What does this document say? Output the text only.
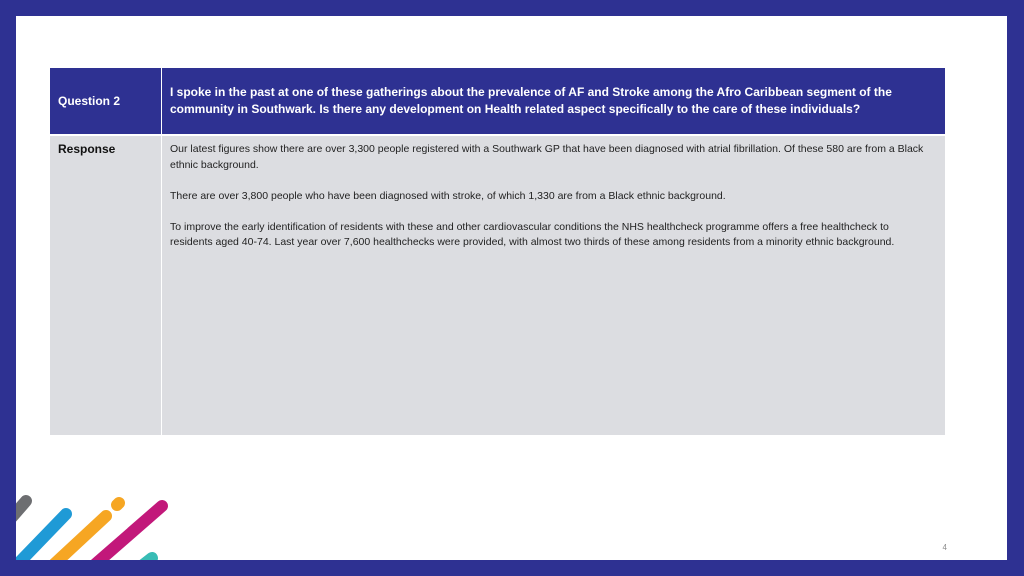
Question 2
I spoke in the past at one of these gatherings about the prevalence of AF and Stroke among the Afro Caribbean segment of the community in Southwark. Is there any development on Health related aspect specifically to the care of these individuals?
Response	Our latest figures show there are over 3,300 people registered with a Southwark GP that have been diagnosed with atrial fibrillation. Of these 580 are from a Black ethnic background.

There are over 3,800 people who have been diagnosed with stroke, of which 1,330 are from a Black ethnic background.

To improve the early identification of residents with these and other cardiovascular conditions the NHS healthcheck programme offers a free healthcheck to residents aged 40-74. Last year over 7,600 healthchecks were provided, with almost two thirds of these among residents from a minority ethnic background.

4
